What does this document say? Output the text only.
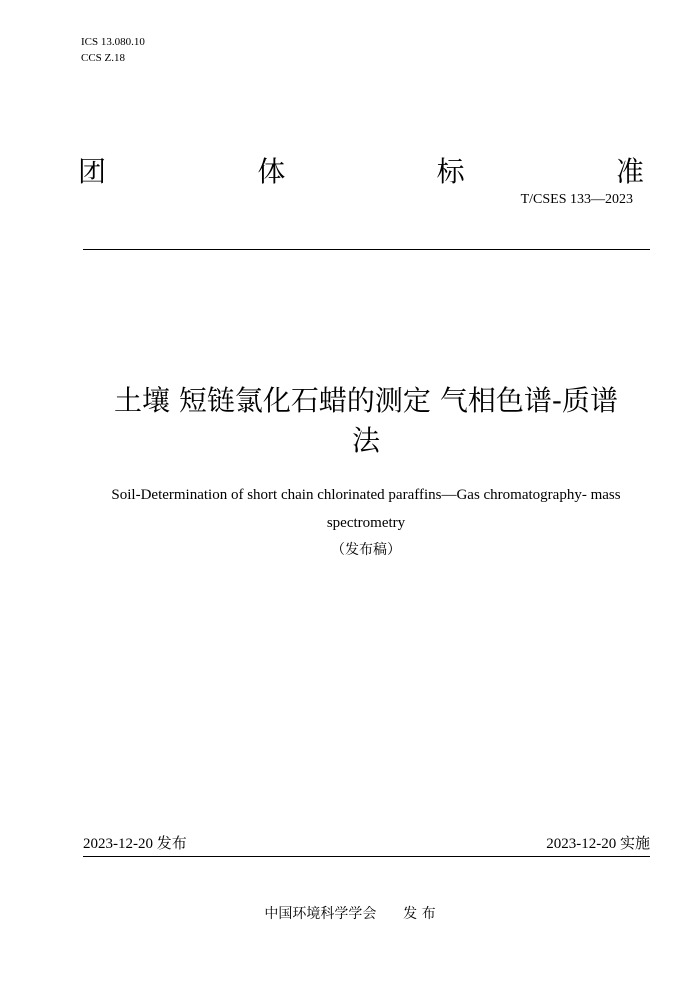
ICS 13.080.10
CCS Z.18
团	体	标	准
T/CSES 133—2023
土壤 短链氯化石蜡的测定 气相色谱-质谱
法
Soil-Determination of short chain chlorinated paraffins—Gas chromatography- mass
spectrometry
（发布稿）
2023-12-20 发布	2023-12-20 实施
中国环境科学学会      发 布
